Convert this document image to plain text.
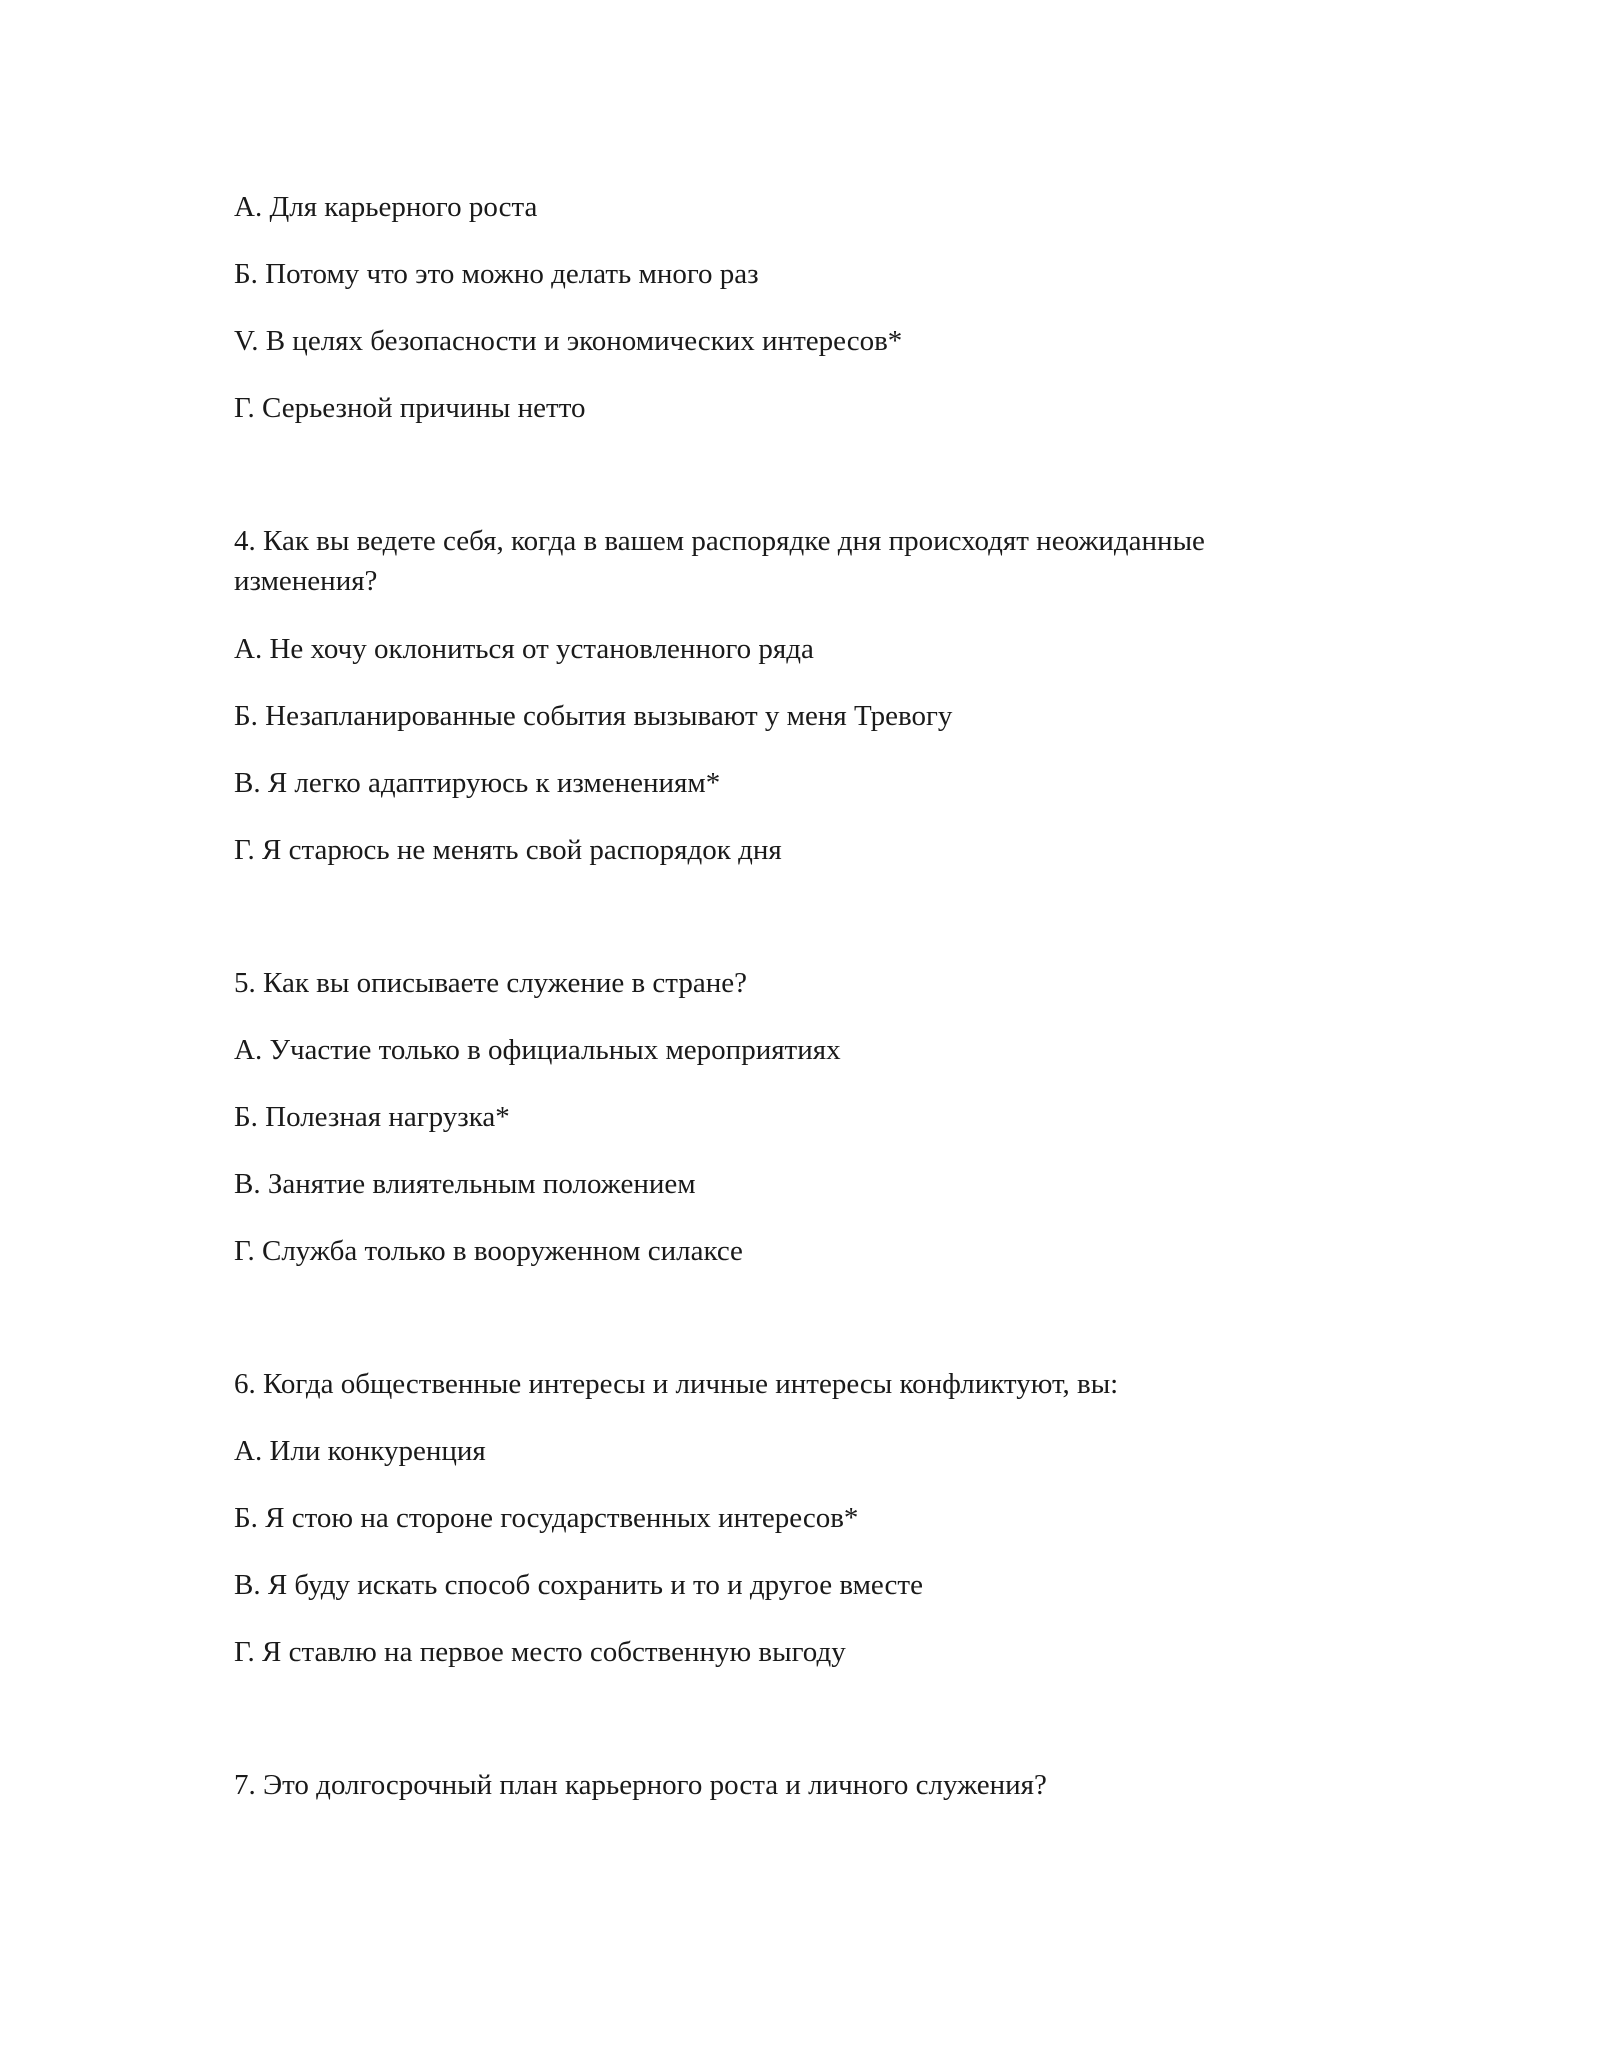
А. Для карьерного роста

Б. Потому что это можно делать много раз

V. В целях безопасности и экономических интересов*

Г. Серьезной причины нетто

4. Как вы ведете себя, когда в вашем распорядке дня происходят неожиданные изменения?

А. Не хочу оклониться от установленного ряда

Б. Незапланированные события вызывают у меня Тревогу

В. Я легко адаптируюсь к изменениям*

Г. Я старюсь не менять свой распорядок дня

5. Как вы описываете служение в стране?

А. Участие только в официальных мероприятиях

Б. Полезная нагрузка*

В. Занятие влиятельным положением

Г. Служба только в вооруженном силаксе

6. Когда общественные интересы и личные интересы конфликтуют, вы:

А. Или конкуренция

Б. Я стою на стороне государственных интересов*

В. Я буду искать способ сохранить и то и другое вместе

Г. Я ставлю на первое место собственную выгоду

7. Это долгосрочный план карьерного роста и личного служения?
